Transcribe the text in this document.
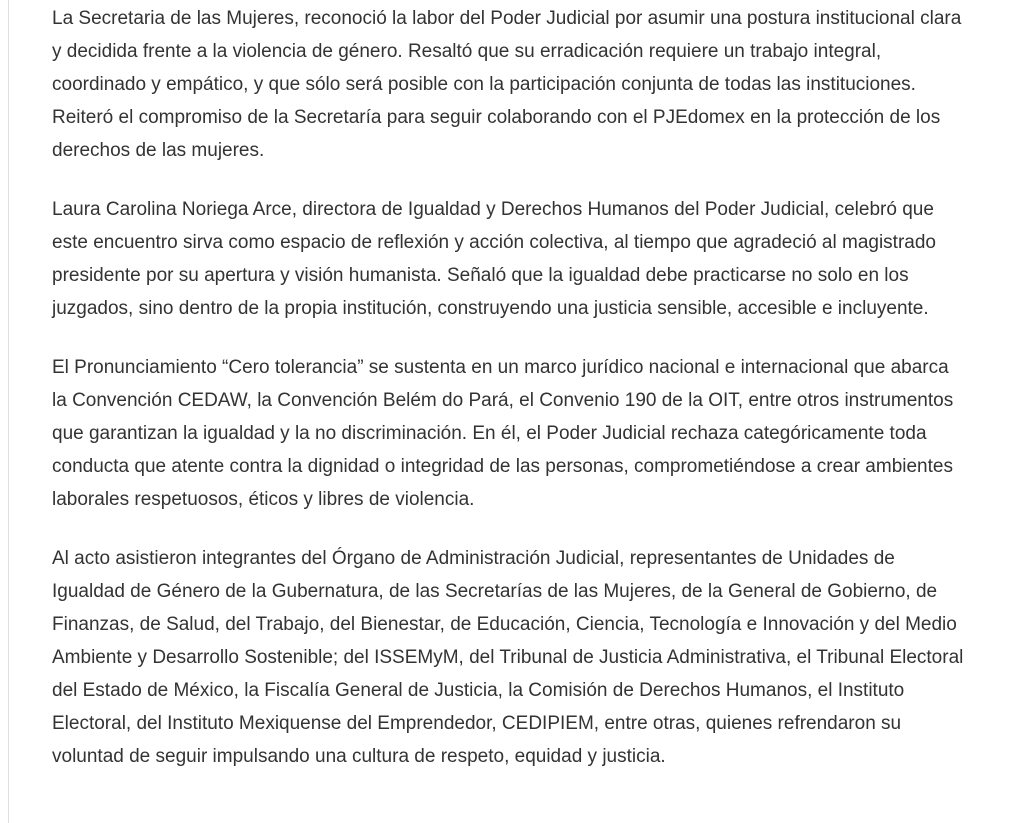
La Secretaria de las Mujeres, reconoció la labor del Poder Judicial por asumir una postura institucional clara y decidida frente a la violencia de género. Resaltó que su erradicación requiere un trabajo integral, coordinado y empático, y que sólo será posible con la participación conjunta de todas las instituciones. Reiteró el compromiso de la Secretaría para seguir colaborando con el PJEdomex en la protección de los derechos de las mujeres.

Laura Carolina Noriega Arce, directora de Igualdad y Derechos Humanos del Poder Judicial, celebró que este encuentro sirva como espacio de reflexión y acción colectiva, al tiempo que agradeció al magistrado presidente por su apertura y visión humanista. Señaló que la igualdad debe practicarse no solo en los juzgados, sino dentro de la propia institución, construyendo una justicia sensible, accesible e incluyente.

El Pronunciamiento “Cero tolerancia” se sustenta en un marco jurídico nacional e internacional que abarca la Convención CEDAW, la Convención Belém do Pará, el Convenio 190 de la OIT, entre otros instrumentos que garantizan la igualdad y la no discriminación. En él, el Poder Judicial rechaza categóricamente toda conducta que atente contra la dignidad o integridad de las personas, comprometiéndose a crear ambientes laborales respetuosos, éticos y libres de violencia.

Al acto asistieron integrantes del Órgano de Administración Judicial, representantes de Unidades de Igualdad de Género de la Gubernatura, de las Secretarías de las Mujeres, de la General de Gobierno, de Finanzas, de Salud, del Trabajo, del Bienestar, de Educación, Ciencia, Tecnología e Innovación y del Medio Ambiente y Desarrollo Sostenible; del ISSEMyM, del Tribunal de Justicia Administrativa, el Tribunal Electoral del Estado de México, la Fiscalía General de Justicia, la Comisión de Derechos Humanos, el Instituto Electoral, del Instituto Mexiquense del Emprendedor, CEDIPIEM, entre otras, quienes refrendaron su voluntad de seguir impulsando una cultura de respeto, equidad y justicia.
